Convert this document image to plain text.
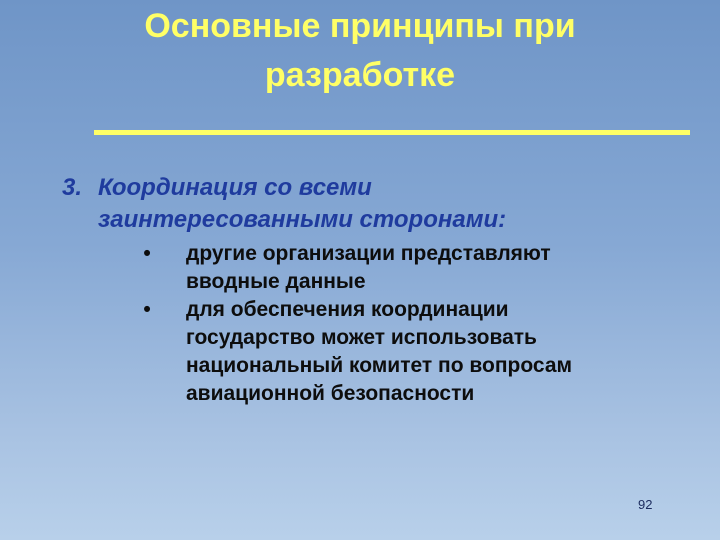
Основные принципы при
разработке
3. Координация со всеми
заинтересованными сторонами:
• другие организации представляют
вводные данные
• для обеспечения координации
государство может использовать
национальный комитет по вопросам
авиационной безопасности
92
